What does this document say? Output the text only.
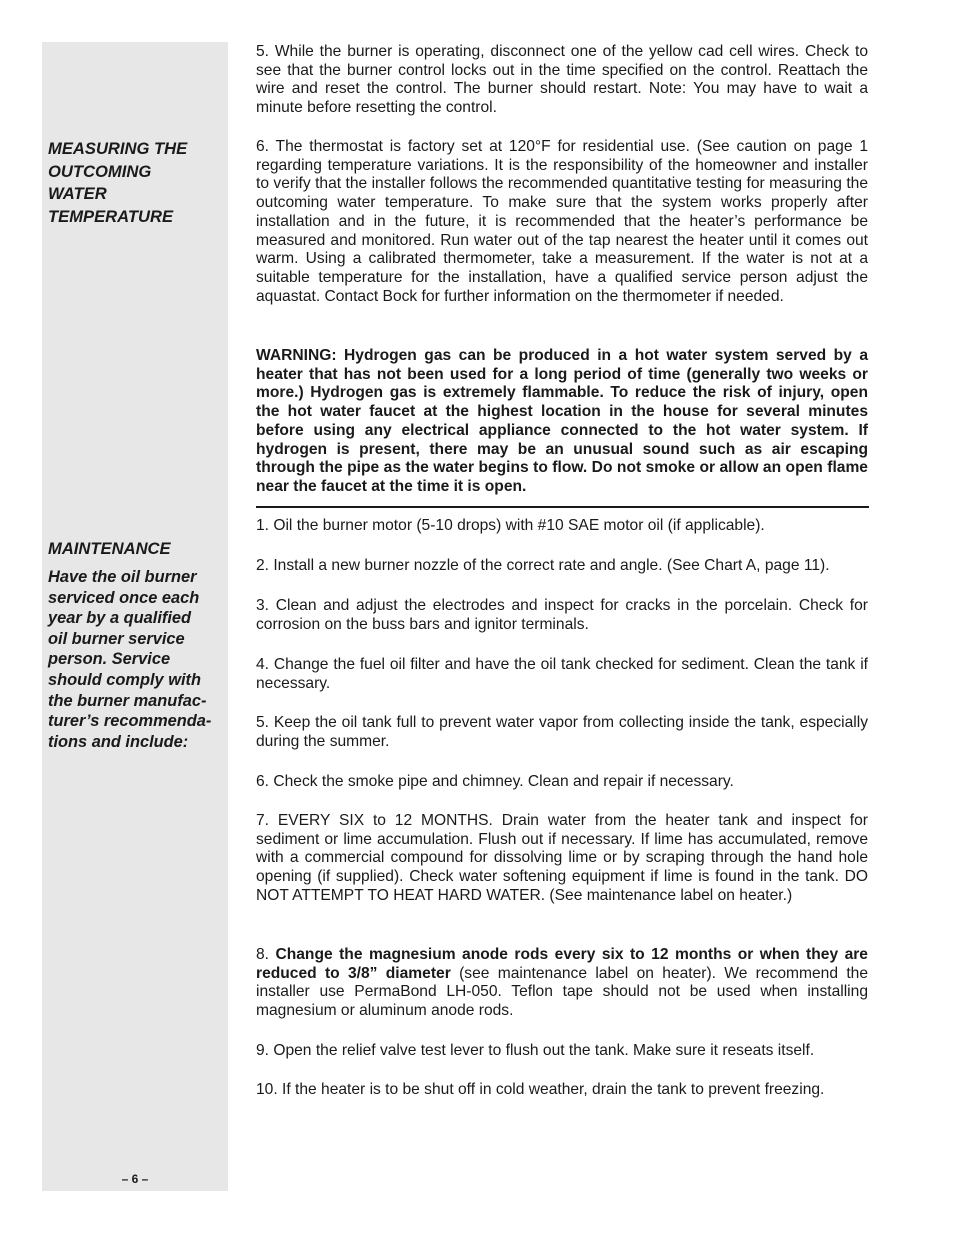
MEASURING THE
OUTCOMING
WATER
TEMPERATURE

MAINTENANCE

Have the oil burner
serviced once each
year by a qualified
oil burner service
person. Service
should comply with
the burner manufac-
turer’s recommenda-
tions and include:

– 6 –

5. While the burner is operating, disconnect one of the yellow cad cell wires. Check to see that the burner control locks out in the time specified on the control. Reattach the wire and reset the control. The burner should restart. Note: You may have to wait a minute before resetting the control.

6. The thermostat is factory set at 120°F for residential use. (See caution on page 1 regarding temperature variations. It is the responsibility of the homeowner and installer to verify that the installer follows the recommended quantitative testing for measuring the outcoming water temperature. To make sure that the system works properly after installation and in the future, it is recommended that the heater’s performance be measured and monitored. Run water out of the tap nearest the heater until it comes out warm. Using a calibrated thermometer, take a measurement. If the water is not at a suitable temperature for the installation, have a qualified service person adjust the aquastat. Contact Bock for further information on the thermometer if needed.

WARNING: Hydrogen gas can be produced in a hot water system served by a heater that has not been used for a long period of time (generally two weeks or more.) Hydrogen gas is extremely flammable. To reduce the risk of injury, open the hot water faucet at the highest location in the house for several minutes before using any electrical appliance connected to the hot water system. If hydrogen is present, there may be an unusual sound such as air escaping through the pipe as the water begins to flow. Do not smoke or allow an open flame near the faucet at the time it is open.

1. Oil the burner motor (5-10 drops) with #10 SAE motor oil (if applicable).

2. Install a new burner nozzle of the correct rate and angle. (See Chart A, page 11).

3. Clean and adjust the electrodes and inspect for cracks in the porcelain. Check for corrosion on the buss bars and ignitor terminals.

4. Change the fuel oil filter and have the oil tank checked for sediment. Clean the tank if necessary.

5. Keep the oil tank full to prevent water vapor from collecting inside the tank, especially during the summer.

6. Check the smoke pipe and chimney. Clean and repair if necessary.

7. EVERY SIX to 12 MONTHS. Drain water from the heater tank and inspect for sediment or lime accumulation. Flush out if necessary. If lime has accumulated, remove with a commercial compound for dissolving lime or by scraping through the hand hole opening (if supplied). Check water softening equipment if lime is found in the tank. DO NOT ATTEMPT TO HEAT HARD WATER. (See maintenance label on heater.)

8. Change the magnesium anode rods every six to 12 months or when they are reduced to 3/8” diameter (see maintenance label on heater). We recommend the installer use PermaBond LH-050. Teflon tape should not be used when installing magnesium or aluminum anode rods.

9. Open the relief valve test lever to flush out the tank. Make sure it reseats itself.

10. If the heater is to be shut off in cold weather, drain the tank to prevent freezing.
